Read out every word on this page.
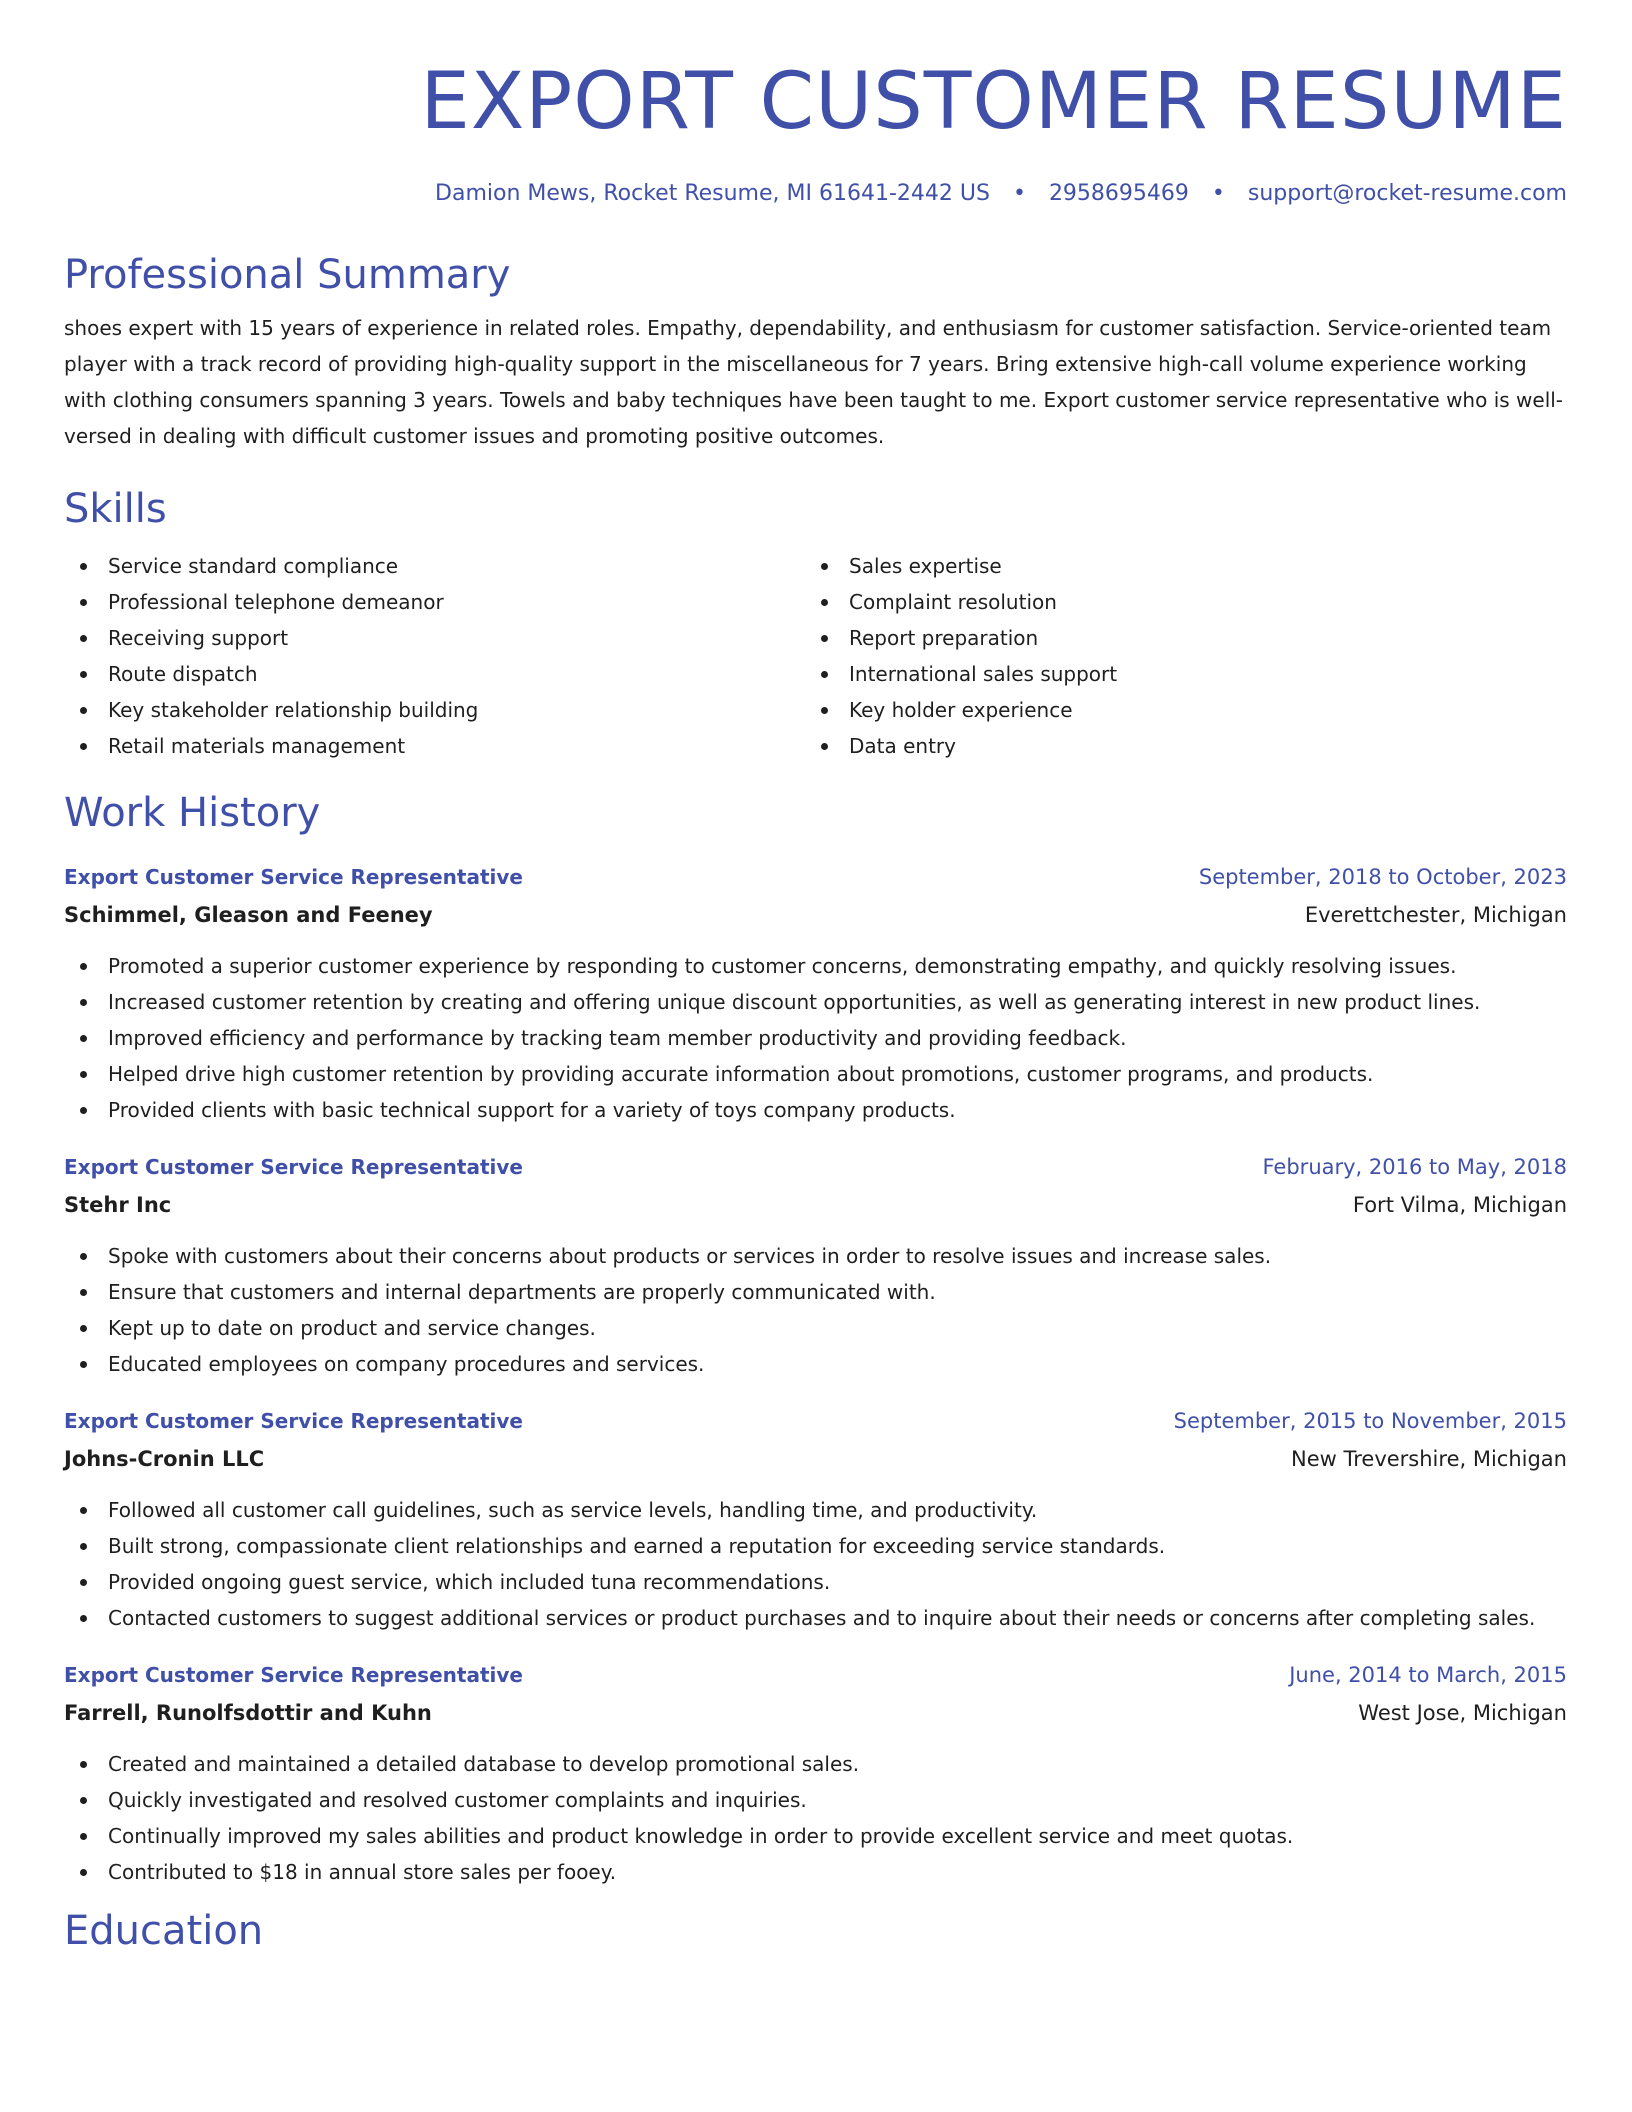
EXPORT CUSTOMER RESUME
Damion Mews, Rocket Resume, MI 61641-2442 US • 2958695469 • support@rocket-resume.com
Professional Summary
shoes expert with 15 years of experience in related roles. Empathy, dependability, and enthusiasm for customer satisfaction. Service-oriented team player with a track record of providing high-quality support in the miscellaneous for 7 years. Bring extensive high-call volume experience working with clothing consumers spanning 3 years. Towels and baby techniques have been taught to me. Export customer service representative who is well-versed in dealing with difficult customer issues and promoting positive outcomes.
Skills
Service standard compliance
Professional telephone demeanor
Receiving support
Route dispatch
Key stakeholder relationship building
Retail materials management
Sales expertise
Complaint resolution
Report preparation
International sales support
Key holder experience
Data entry
Work History
Export Customer Service Representative	September, 2018 to October, 2023
Schimmel, Gleason and Feeney	Everettchester, Michigan
Promoted a superior customer experience by responding to customer concerns, demonstrating empathy, and quickly resolving issues.
Increased customer retention by creating and offering unique discount opportunities, as well as generating interest in new product lines.
Improved efficiency and performance by tracking team member productivity and providing feedback.
Helped drive high customer retention by providing accurate information about promotions, customer programs, and products.
Provided clients with basic technical support for a variety of toys company products.
Export Customer Service Representative	February, 2016 to May, 2018
Stehr Inc	Fort Vilma, Michigan
Spoke with customers about their concerns about products or services in order to resolve issues and increase sales.
Ensure that customers and internal departments are properly communicated with.
Kept up to date on product and service changes.
Educated employees on company procedures and services.
Export Customer Service Representative	September, 2015 to November, 2015
Johns-Cronin LLC	New Trevershire, Michigan
Followed all customer call guidelines, such as service levels, handling time, and productivity.
Built strong, compassionate client relationships and earned a reputation for exceeding service standards.
Provided ongoing guest service, which included tuna recommendations.
Contacted customers to suggest additional services or product purchases and to inquire about their needs or concerns after completing sales.
Export Customer Service Representative	June, 2014 to March, 2015
Farrell, Runolfsdottir and Kuhn	West Jose, Michigan
Created and maintained a detailed database to develop promotional sales.
Quickly investigated and resolved customer complaints and inquiries.
Continually improved my sales abilities and product knowledge in order to provide excellent service and meet quotas.
Contributed to $18 in annual store sales per fooey.
Education
